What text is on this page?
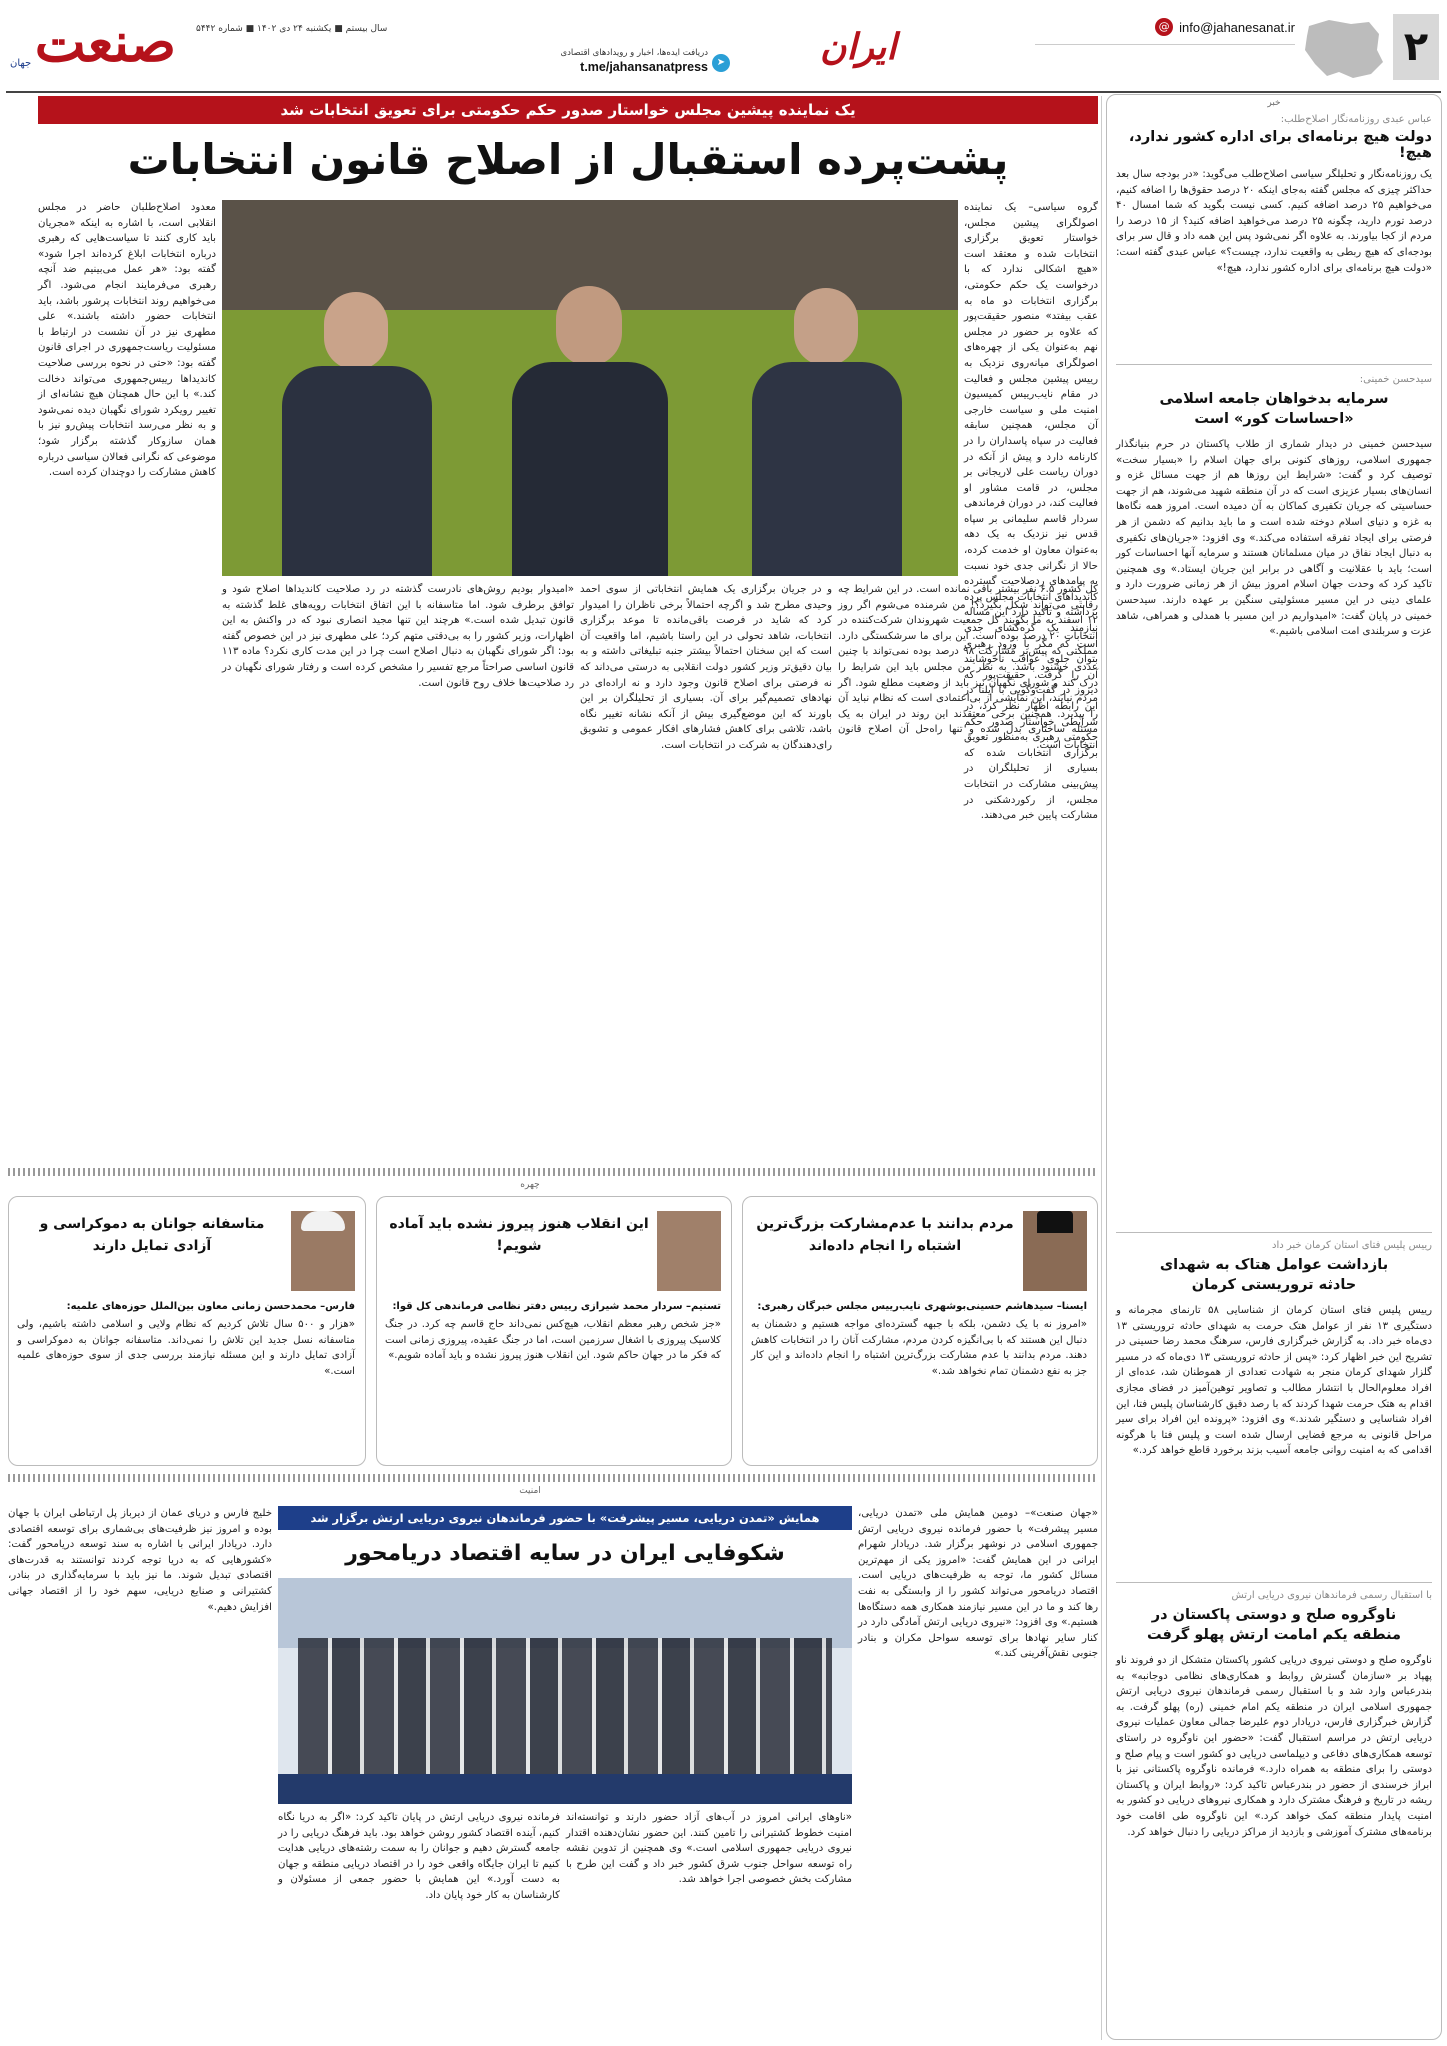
۲
info@jahanesanat.ir
@
ایران
دریافت ایده‌ها، اخبار و رویدادهای اقتصادی
t.me/jahansanatpress ➤
سال بیستم ■ یکشنبه ۲۴ دی ۱۴۰۲ ■ شماره ۵۴۴۲
صنعت
جهان
خبر
عباس عبدی روزنامه‌نگار اصلاح‌طلب:
دولت هیچ برنامه‌ای برای اداره کشور ندارد، هیچ!
یک روزنامه‌نگار و تحلیلگر سیاسی اصلاح‌طلب می‌گوید: «در بودجه سال بعد حداکثر چیزی که مجلس گفته به‌جای اینکه ۲۰ درصد حقوق‌ها را اضافه کنیم، می‌خواهیم ۲۵ درصد اضافه کنیم. کسی نیست بگوید که شما امسال ۴۰ درصد تورم دارید، چگونه ۲۵ درصد می‌خواهید اضافه کنید؟ از ۱۵ درصد را مردم از کجا بیاورند. به علاوه اگر نمی‌شود پس این همه داد و قال سر برای بودجه‌ای که هیچ ربطی به واقعیت ندارد، چیست؟» عباس عبدی گفته است: «دولت هیچ برنامه‌ای برای اداره کشور ندارد، هیچ!»
سیدحسن خمینی:
سرمایه بدخواهان جامعه اسلامی «احساسات کور» است
سیدحسن خمینی در دیدار شماری از طلاب پاکستان در حرم بنیانگذار جمهوری اسلامی، روزهای کنونی برای جهان اسلام را «بسیار سخت» توصیف کرد و گفت: «شرایط این روزها هم از جهت مسائل غزه و انسان‌های بسیار عزیزی است که در آن منطقه شهید می‌شوند، هم از جهت حساسیتی که جریان تکفیری کماکان به آن دمیده است. امروز همه نگاه‌ها به غزه و دنیای اسلام دوخته شده است و ما باید بدانیم که دشمن از هر فرصتی برای ایجاد تفرقه استفاده می‌کند.» وی افزود: «جریان‌های تکفیری به دنبال ایجاد نفاق در میان مسلمانان هستند و سرمایه آنها احساسات کور است؛ باید با عقلانیت و آگاهی در برابر این جریان ایستاد.» وی همچنین تاکید کرد که وحدت جهان اسلام امروز بیش از هر زمانی ضرورت دارد و علمای دینی در این مسیر مسئولیتی سنگین بر عهده دارند. سیدحسن خمینی در پایان گفت: «امیدواریم در این مسیر با همدلی و همراهی، شاهد عزت و سربلندی امت اسلامی باشیم.»
رییس پلیس فتای استان کرمان خبر داد
بازداشت عوامل هتاک به شهدای حادثه تروریستی کرمان
رییس پلیس فتای استان کرمان از شناسایی ۵۸ تارنمای مجرمانه و دستگیری ۱۳ نفر از عوامل هتک حرمت به شهدای حادثه تروریستی ۱۳ دی‌ماه خبر داد. به گزارش خبرگزاری فارس، سرهنگ محمد رضا حسینی در تشریح این خبر اظهار کرد: «پس از حادثه تروریستی ۱۳ دی‌ماه که در مسیر گلزار شهدای کرمان منجر به شهادت تعدادی از هموطنان شد، عده‌ای از افراد معلوم‌الحال با انتشار مطالب و تصاویر توهین‌آمیز در فضای مجازی اقدام به هتک حرمت شهدا کردند که با رصد دقیق کارشناسان پلیس فتا، این افراد شناسایی و دستگیر شدند.» وی افزود: «پرونده این افراد برای سیر مراحل قانونی به مرجع قضایی ارسال شده است و پلیس فتا با هرگونه اقدامی که به امنیت روانی جامعه آسیب بزند برخورد قاطع خواهد کرد.»
با استقبال رسمی فرماندهان نیروی دریایی ارتش
ناوگروه صلح و دوستی پاکستان در منطقه یکم امامت ارتش پهلو گرفت
ناوگروه صلح و دوستی نیروی دریایی کشور پاکستان متشکل از دو فروند ناو پهپاد بر «سازمان گسترش روابط و همکاری‌های نظامی دوجانبه» به بندرعباس وارد شد و با استقبال رسمی فرماندهان نیروی دریایی ارتش جمهوری اسلامی ایران در منطقه یکم امام خمینی (ره) پهلو گرفت. به گزارش خبرگزاری فارس، دریادار دوم علیرضا جمالی معاون عملیات نیروی دریایی ارتش در مراسم استقبال گفت: «حضور این ناوگروه در راستای توسعه همکاری‌های دفاعی و دیپلماسی دریایی دو کشور است و پیام صلح و دوستی را برای منطقه به همراه دارد.» فرمانده ناوگروه پاکستانی نیز با ابراز خرسندی از حضور در بندرعباس تاکید کرد: «روابط ایران و پاکستان ریشه در تاریخ و فرهنگ مشترک دارد و همکاری نیروهای دریایی دو کشور به امنیت پایدار منطقه کمک خواهد کرد.» این ناوگروه طی اقامت خود برنامه‌های مشترک آموزشی و بازدید از مراکز دریایی را دنبال خواهد کرد.
یک نماینده پیشین مجلس خواستار صدور حکم حکومتی برای تعویق انتخابات شد
پشت‌پرده استقبال از اصلاح قانون انتخابات
گروه سیاسی– یک نماینده اصولگرای پیشین مجلس، خواستار تعویق برگزاری انتخابات شده و معتقد است «هیچ اشکالی ندارد که با درخواست یک حکم حکومتی، برگزاری انتخابات دو ماه به عقب بیفتد» منصور حقیقت‌پور که علاوه بر حضور در مجلس نهم به‌عنوان یکی از چهره‌های اصولگرای میانه‌روی نزدیک به رییس پیشین مجلس و فعالیت در مقام نایب‌رییس کمیسیون امنیت ملی و سیاست خارجی آن مجلس، همچنین سابقه فعالیت در سپاه پاسداران را در کارنامه دارد و پیش از آنکه در دوران ریاست علی لاریجانی بر مجلس، در قامت مشاور او فعالیت کند، در دوران فرماندهی سردار قاسم سلیمانی بر سپاه قدس نیز نزدیک به یک دهه به‌عنوان معاون او خدمت کرده، حالا از نگرانی جدی خود نسبت به پیامدهای ردصلاحیت گسترده کاندیداهای انتخابات مجلس پرده برداشته و تاکید دارد این مساله نیازمند یک گره‌گشای جدی است که مگر با ورود رهبری بتوان جلوی عواقب ناخوشایند آن را گرفت. حقیقت‌پور که دیروز در گفت‌وگویی با ایلنا در این رابطه اظهار نظر کرد، در شرایطی خواستار صدور حکم حکومتی رهبری به‌منظور تعویق برگزاری انتخابات شده که بسیاری از تحلیلگران در پیش‌بینی مشارکت در انتخابات مجلس، از رکوردشکنی در مشارکت پایین خبر می‌دهند.
معدود اصلاح‌طلبان حاضر در مجلس انقلابی است، با اشاره به اینکه «مجریان باید کاری کنند تا سیاست‌هایی که رهبری درباره انتخابات ابلاغ کرده‌اند اجرا شود» گفته بود: «هر عمل می‌بینیم ضد آنچه رهبری می‌فرمایند انجام می‌شود. اگر می‌خواهیم روند انتخابات پرشور باشد، باید انتخابات حضور داشته باشند.» علی مطهری نیز در آن نشست در ارتباط با مسئولیت ریاست‌جمهوری در اجرای قانون گفته بود: «حتی در نحوه بررسی صلاحیت کاندیداها رییس‌جمهوری می‌تواند دخالت کند.» با این حال همچنان هیچ نشانه‌ای از تغییر رویکرد شورای نگهبان دیده نمی‌شود و به نظر می‌رسد انتخابات پیش‌رو نیز با همان سازوکار گذشته برگزار شود؛ موضوعی که نگرانی فعالان سیاسی درباره کاهش مشارکت را دوچندان کرده است.
کل کشور ۶.۵ نفر بیشتر باقی نمانده است. در این شرایط چه رقابتی می‌تواند شکل بگیرد؟! من شرمنده می‌شوم اگر روز ۱۲ اسفند به ما بگویند کل جمعیت شهروندان شرکت‌کننده در انتخابات ۲۰ درصد بوده است. این برای ما سرشکستگی دارد. مملکتی که پیش‌تر مشارکت ۹۸ درصد بوده نمی‌تواند با چنین عددی خشنود باشد. به نظر من مجلس باید این شرایط را درک کند و شورای نگهبان نیز باید از وضعیت مطلع شود. اگر مردم نیایند، این نمایشی از بی‌اعتمادی است که نظام نباید آن را بپذیرد. همچنین برخی معتقدند این روند در ایران به یک مسئله ساختاری بدل شده و تنها راه‌حل آن اصلاح قانون انتخابات است.
و در جریان برگزاری یک همایش انتخاباتی از سوی احمد وحیدی مطرح شد و اگرچه احتمالاً برخی ناظران را امیدوار کرد که شاید در فرصت باقی‌مانده تا موعد برگزاری انتخابات، شاهد تحولی در این راستا باشیم، اما واقعیت آن است که این سخنان احتمالاً بیشتر جنبه تبلیغاتی داشته و به بیان دقیق‌تر وزیر کشور دولت انقلابی به درستی می‌داند که نه فرصتی برای اصلاح قانون وجود دارد و نه اراده‌ای در نهادهای تصمیم‌گیر برای آن. بسیاری از تحلیلگران بر این باورند که این موضع‌گیری بیش از آنکه نشانه تغییر نگاه باشد، تلاشی برای کاهش فشارهای افکار عمومی و تشویق رای‌دهندگان به شرکت در انتخابات است.
«امیدوار بودیم روش‌های نادرست گذشته در رد صلاحیت کاندیداها اصلاح شود و توافق برطرف شود. اما متاسفانه با این اتفاق انتخابات رویه‌های غلط گذشته به قانون تبدیل شده است.» هرچند این تنها مجید انصاری نبود که در واکنش به این اظهارات، وزیر کشور را به بی‌دقتی متهم کرد؛ علی مطهری نیز در این خصوص گفته بود: اگر شورای نگهبان به دنبال اصلاح است چرا در این مدت کاری نکرد؟ ماده ۱۱۳ قانون اساسی صراحتاً مرجع تفسیر را مشخص کرده است و رفتار شورای نگهبان در رد صلاحیت‌ها خلاف روح قانون است.
چهره
مردم بدانند با عدم‌مشارکت بزرگ‌ترین اشتباه را انجام داده‌اند
ایسنا– سیدهاشم حسینی‌بوشهری نایب‌رییس مجلس خبرگان رهبری:
«امروز نه با یک دشمن، بلکه با جبهه گسترده‌ای مواجه هستیم و دشمنان به دنبال این هستند که با بی‌انگیزه کردن مردم، مشارکت آنان را در انتخابات کاهش دهند. مردم بدانند با عدم مشارکت بزرگ‌ترین اشتباه را انجام داده‌اند و این کار جز به نفع دشمنان تمام نخواهد شد.»
این انقلاب هنوز پیروز نشده باید آماده شویم!
تسنیم– سردار محمد شیرازی رییس دفتر نظامی فرماندهی کل قوا:
«جز شخص رهبر معظم انقلاب، هیچ‌کس نمی‌داند حاج قاسم چه کرد. در جنگ کلاسیک پیروزی با اشغال سرزمین است، اما در جنگ عقیده، پیروزی زمانی است که فکر ما در جهان حاکم شود. این انقلاب هنوز پیروز نشده و باید آماده شویم.»
متاسفانه جوانان به دموکراسی و آزادی تمایل دارند
فارس– محمدحسن زمانی معاون بین‌الملل حوزه‌های علمیه:
«هزار و ۵۰۰ سال تلاش کردیم که نظام ولایی و اسلامی داشته باشیم، ولی متاسفانه نسل جدید این تلاش را نمی‌داند. متاسفانه جوانان به دموکراسی و آزادی تمایل دارند و این مسئله نیازمند بررسی جدی از سوی حوزه‌های علمیه است.»
امنیت
همایش «تمدن دریایی، مسیر پیشرفت» با حضور فرماندهان نیروی دریایی ارتش برگزار شد
شکوفایی ایران در سایه اقتصاد دریامحور
«جهان صنعت»– دومین همایش ملی «تمدن دریایی، مسیر پیشرفت» با حضور فرمانده نیروی دریایی ارتش جمهوری اسلامی در نوشهر برگزار شد. دریادار شهرام ایرانی در این همایش گفت: «امروز یکی از مهم‌ترین مسائل کشور ما، توجه به ظرفیت‌های دریایی است. اقتصاد دریامحور می‌تواند کشور را از وابستگی به نفت رها کند و ما در این مسیر نیازمند همکاری همه دستگاه‌ها هستیم.» وی افزود: «نیروی دریایی ارتش آمادگی دارد در کنار سایر نهادها برای توسعه سواحل مکران و بنادر جنوبی نقش‌آفرینی کند.»
خلیج فارس و دریای عمان از دیرباز پل ارتباطی ایران با جهان بوده و امروز نیز ظرفیت‌های بی‌شماری برای توسعه اقتصادی دارد. دریادار ایرانی با اشاره به سند توسعه دریامحور گفت: «کشورهایی که به دریا توجه کردند توانستند به قدرت‌های اقتصادی تبدیل شوند. ما نیز باید با سرمایه‌گذاری در بنادر، کشتیرانی و صنایع دریایی، سهم خود را از اقتصاد جهانی افزایش دهیم.»
«ناوهای ایرانی امروز در آب‌های آزاد حضور دارند و توانسته‌اند امنیت خطوط کشتیرانی را تامین کنند. این حضور نشان‌دهنده اقتدار نیروی دریایی جمهوری اسلامی است.» وی همچنین از تدوین نقشه راه توسعه سواحل جنوب شرق کشور خبر داد و گفت این طرح با مشارکت بخش خصوصی اجرا خواهد شد.
فرمانده نیروی دریایی ارتش در پایان تاکید کرد: «اگر به دریا نگاه کنیم، آینده اقتصاد کشور روشن خواهد بود. باید فرهنگ دریایی را در جامعه گسترش دهیم و جوانان را به سمت رشته‌های دریایی هدایت کنیم تا ایران جایگاه واقعی خود را در اقتصاد دریایی منطقه و جهان به دست آورد.» این همایش با حضور جمعی از مسئولان و کارشناسان به کار خود پایان داد.
